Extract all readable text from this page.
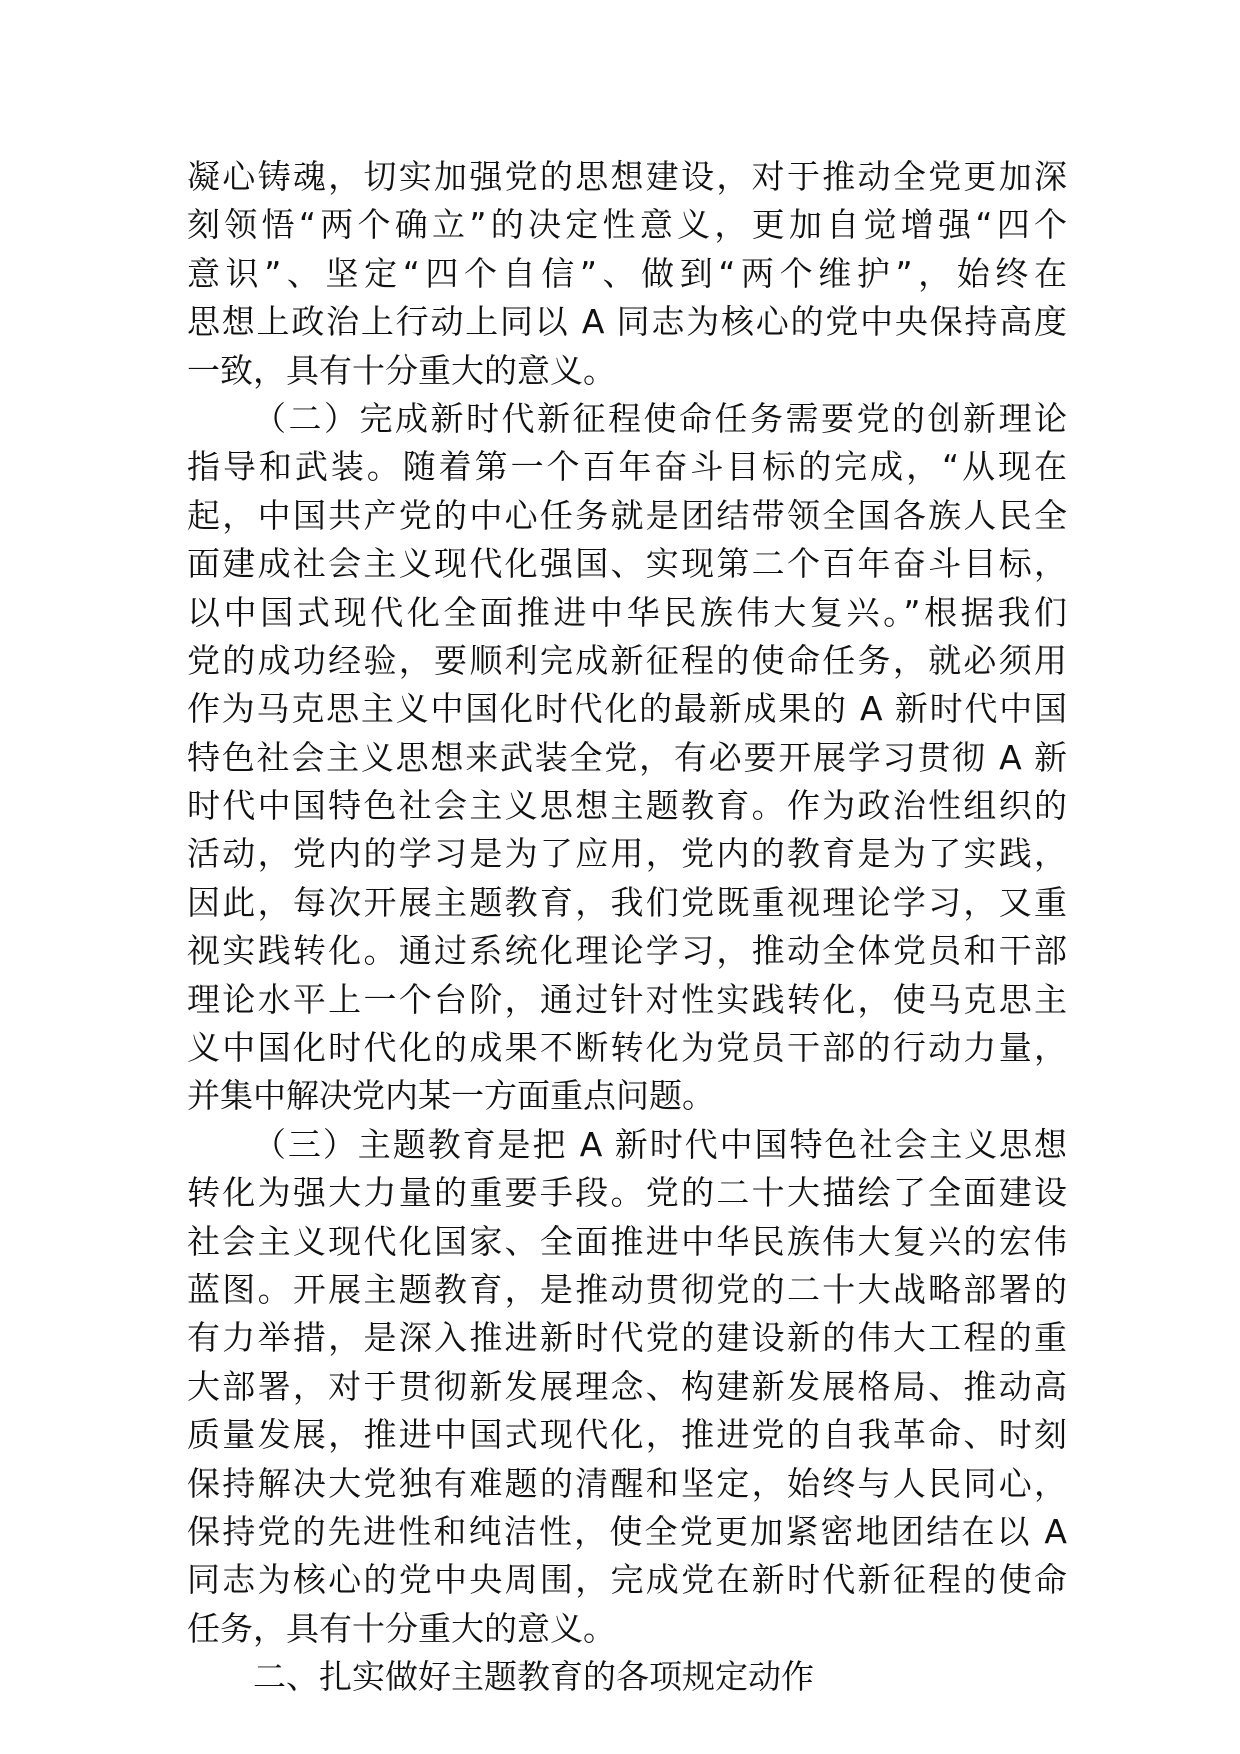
凝心铸魂，切实加强党的思想建设，对于推动全党更加深
刻领悟“两个确立”的决定性意义，更加自觉增强“四个
意识”、坚定“四个自信”、做到“两个维护”，始终在
思想上政治上行动上同以 A 同志为核心的党中央保持高度
一致，具有十分重大的意义。
（二）完成新时代新征程使命任务需要党的创新理论
指导和武装。随着第一个百年奋斗目标的完成，“从现在
起，中国共产党的中心任务就是团结带领全国各族人民全
面建成社会主义现代化强国、实现第二个百年奋斗目标，
以中国式现代化全面推进中华民族伟大复兴。”根据我们
党的成功经验，要顺利完成新征程的使命任务，就必须用
作为马克思主义中国化时代化的最新成果的 A 新时代中国
特色社会主义思想来武装全党，有必要开展学习贯彻 A 新
时代中国特色社会主义思想主题教育。作为政治性组织的
活动，党内的学习是为了应用，党内的教育是为了实践，
因此，每次开展主题教育，我们党既重视理论学习，又重
视实践转化。通过系统化理论学习，推动全体党员和干部
理论水平上一个台阶，通过针对性实践转化，使马克思主
义中国化时代化的成果不断转化为党员干部的行动力量，
并集中解决党内某一方面重点问题。
（三）主题教育是把 A 新时代中国特色社会主义思想
转化为强大力量的重要手段。党的二十大描绘了全面建设
社会主义现代化国家、全面推进中华民族伟大复兴的宏伟
蓝图。开展主题教育，是推动贯彻党的二十大战略部署的
有力举措，是深入推进新时代党的建设新的伟大工程的重
大部署，对于贯彻新发展理念、构建新发展格局、推动高
质量发展，推进中国式现代化，推进党的自我革命、时刻
保持解决大党独有难题的清醒和坚定，始终与人民同心，
保持党的先进性和纯洁性，使全党更加紧密地团结在以 A
同志为核心的党中央周围，完成党在新时代新征程的使命
任务，具有十分重大的意义。
二、扎实做好主题教育的各项规定动作
